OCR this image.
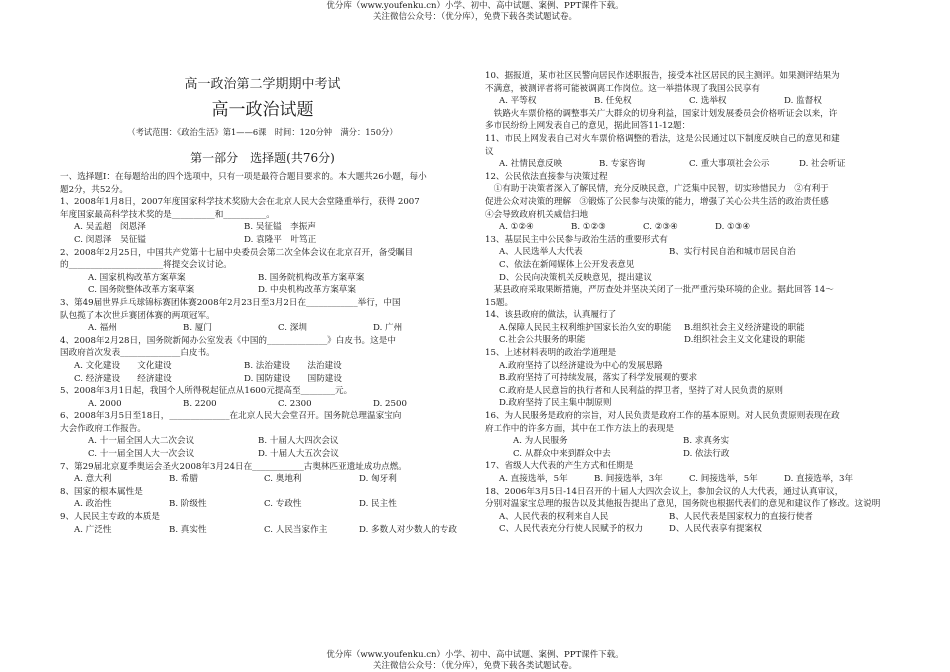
优分库（www.youfenku.cn）小学、初中、高中试题、案例、PPT课件下载。
关注微信公众号：（优分库），免费下载各类试题试卷。

高一政治第二学期期中考试

高一政治试题

（考试范围：《政治生活》第1——6课　时间：120分钟　满分：150分）

第一部分　选择题(共76分)

一、选择题Ⅰ：在每题给出的四个选项中，只有一项是最符合题目要求的。本大题共26小题，每小

题2分，共52分。

1、2008年1月8日，2007年度国家科学技术奖励大会在北京人民大会堂隆重举行，获得 2007

年度国家最高科学技术奖的是__________和__________。

A. 吴孟超　闵恩泽	B. 吴征镒　李振声

C. 闵恩泽　吴征镒	D. 袁隆平　叶笃正

2、2008年2月25日，中国共产党第十七届中央委员会第二次全体会议在北京召开，备受瞩目

的______________________将提交会议讨论。

A. 国家机构改革方案草案	B. 国务院机构改革方案草案

C. 国务院整体改革方案草案	D. 中央机构改革方案草案

3、第49届世界乒乓球锦标赛团体赛2008年2月23日至3月2日在____________举行，中国

队包揽了本次世乒赛团体赛的两项冠军。

A. 福州	B. 厦门	C. 深圳	D. 广州

4、2008年2月28日，国务院新闻办公室发表《中国的______________》白皮书。这是中

国政府首次发表______________白皮书。

A. 文化建设　　文化建设	B. 法治建设　　法治建设

C. 经济建设　　经济建设	D. 国防建设　　国防建设

5、2008年3月1日起，我国个人所得税起征点从1600元提高至________元。

A. 2000	B. 2200	C. 2300	D. 2500

6、2008年3月5日至18日，______________在北京人民大会堂召开。国务院总理温家宝向

大会作政府工作报告。

A. 十一届全国人大二次会议	B. 十届人大四次会议

C. 十一届全国人大一次会议	D. 十届人大五次会议

7、第29届北京夏季奥运会圣火2008年3月24日在____________古奥林匹亚遗址成功点燃。

A. 意大利	B. 希腊	C. 奥地利	D. 匈牙利

8、国家的根本属性是

A. 政治性	B. 阶级性	C. 专政性	D. 民主性

9、人民民主专政的本质是

A. 广泛性	B. 真实性	C. 人民当家作主	D. 多数人对少数人的专政

10、据报道，某市社区民警向居民作述职报告，接受本社区居民的民主测评。如果测评结果为

不满意，被测评者将可能被调离工作岗位。这一举措体现了我国公民享有

A. 平等权	B. 任免权	C. 选举权	D. 监督权

　铁路火车票价格的调整事关广大群众的切身利益，国家计划发展委员会价格听证会以来，许

多市民纷纷上网发表自己的意见，据此回答11-12题：

11、市民上网发表自己对火车票价格调整的看法，这是公民通过以下制度反映自己的意见和建

议

A. 社情民意反映	B. 专家咨询	C. 重大事项社会公示	D. 社会听证

12、公民依法直接参与决策过程

　①有助于决策者深入了解民情，充分反映民意，广泛集中民智，切实珍惜民力　②有利于

促进公众对决策的理解　③锻炼了公民参与决策的能力，增强了关心公共生活的政治责任感

④会导致政府机关威信扫地

A. ①②④	B. ①②③	C. ②③④	D. ①③④

13、基层民主中公民参与政治生活的重要形式有

A、人民选举人大代表	B、实行村民自治和城市居民自治

C、依法在新闻媒体上公开发表意见

D、公民向决策机关反映意见，提出建议

　某县政府采取果断措施，严厉查处并坚决关闭了一批严重污染环境的企业。据此回答 14～

15题。

14、该县政府的做法，认真履行了

A.保障人民民主权利维护国家长治久安的职能 B.组织社会主义经济建设的职能

C.社会公共服务的职能	D.组织社会主义文化建设的职能

15、上述材料表明的政治学道理是

A.政府坚持了以经济建设为中心的发展思路

B.政府坚持了可持续发展，落实了科学发展观的要求

C.政府是人民意旨的执行者和人民利益的捍卫者，坚持了对人民负责的原则

D.政府坚持了民主集中制原则

16、为人民服务是政府的宗旨，对人民负责是政府工作的基本原则。对人民负责原则表现在政

府工作中的许多方面，其中在工作方法上的表现是

A. 为人民服务	B. 求真务实

C. 从群众中来到群众中去	D. 依法行政

17、省级人大代表的产生方式和任期是

A. 直接选举，5年	B. 间接选举，3年	C. 间接选举，5年	D. 直接选举，3年

18、2006年3月5日-14日召开的十届人大四次会议上，参加会议的人大代表，通过认真审议，

分别对温家宝总理的报告以及其他报告提出了意见，国务院也根据代表们的意见和建议作了修改。这说明

A、人民代表的权利来自人民	B、人民代表是国家权力的直接行使者

C、人民代表充分行使人民赋予的权力	D、人民代表享有提案权

优分库（www.youfenku.cn）小学、初中、高中试题、案例、PPT课件下载。
关注微信公众号：（优分库），免费下载各类试题试卷。
